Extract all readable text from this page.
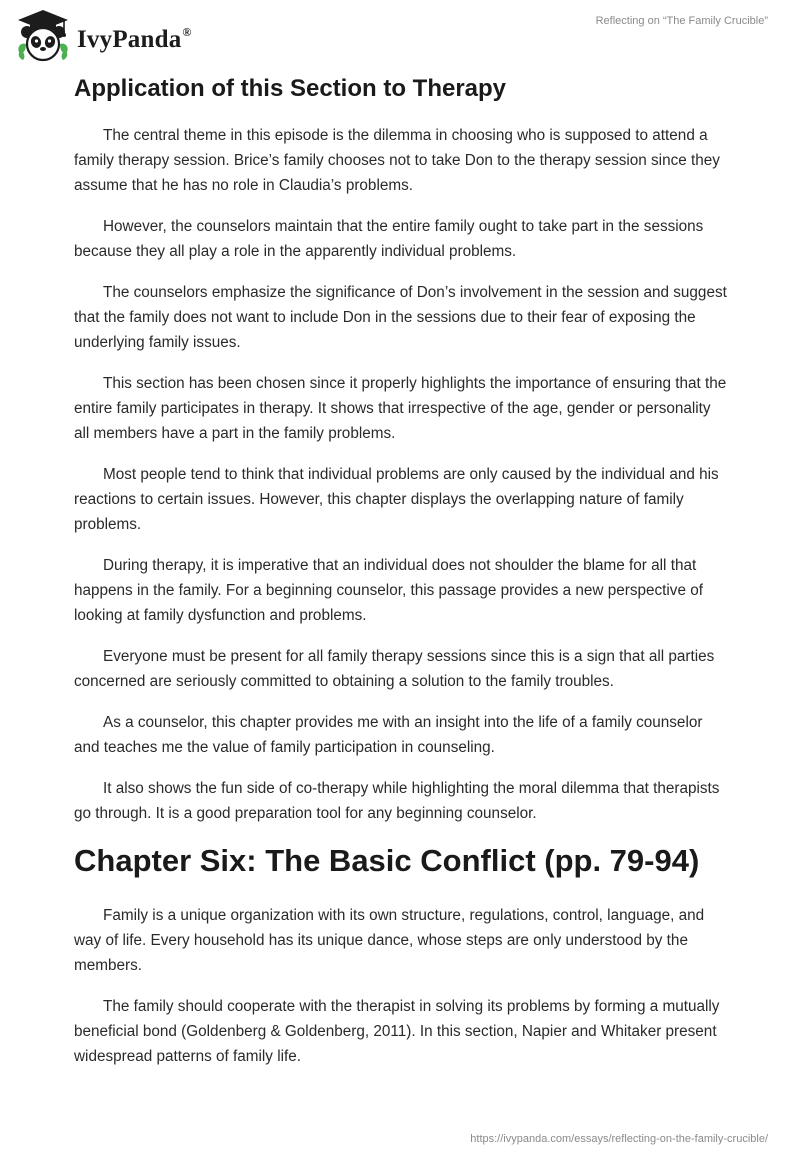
IvyPanda®
Reflecting on “The Family Crucible”
Application of this Section to Therapy

The central theme in this episode is the dilemma in choosing who is supposed to attend a family therapy session. Brice’s family chooses not to take Don to the therapy session since they assume that he has no role in Claudia’s problems.

However, the counselors maintain that the entire family ought to take part in the sessions because they all play a role in the apparently individual problems.

The counselors emphasize the significance of Don’s involvement in the session and suggest that the family does not want to include Don in the sessions due to their fear of exposing the underlying family issues.

This section has been chosen since it properly highlights the importance of ensuring that the entire family participates in therapy. It shows that irrespective of the age, gender or personality all members have a part in the family problems.

Most people tend to think that individual problems are only caused by the individual and his reactions to certain issues. However, this chapter displays the overlapping nature of family problems.

During therapy, it is imperative that an individual does not shoulder the blame for all that happens in the family. For a beginning counselor, this passage provides a new perspective of looking at family dysfunction and problems.

Everyone must be present for all family therapy sessions since this is a sign that all parties concerned are seriously committed to obtaining a solution to the family troubles.

As a counselor, this chapter provides me with an insight into the life of a family counselor and teaches me the value of family participation in counseling.

It also shows the fun side of co-therapy while highlighting the moral dilemma that therapists go through. It is a good preparation tool for any beginning counselor.

Chapter Six: The Basic Conflict (pp. 79-94)

Family is a unique organization with its own structure, regulations, control, language, and way of life. Every household has its unique dance, whose steps are only understood by the members.

The family should cooperate with the therapist in solving its problems by forming a mutually beneficial bond (Goldenberg & Goldenberg, 2011). In this section, Napier and Whitaker present widespread patterns of family life.

https://ivypanda.com/essays/reflecting-on-the-family-crucible/
